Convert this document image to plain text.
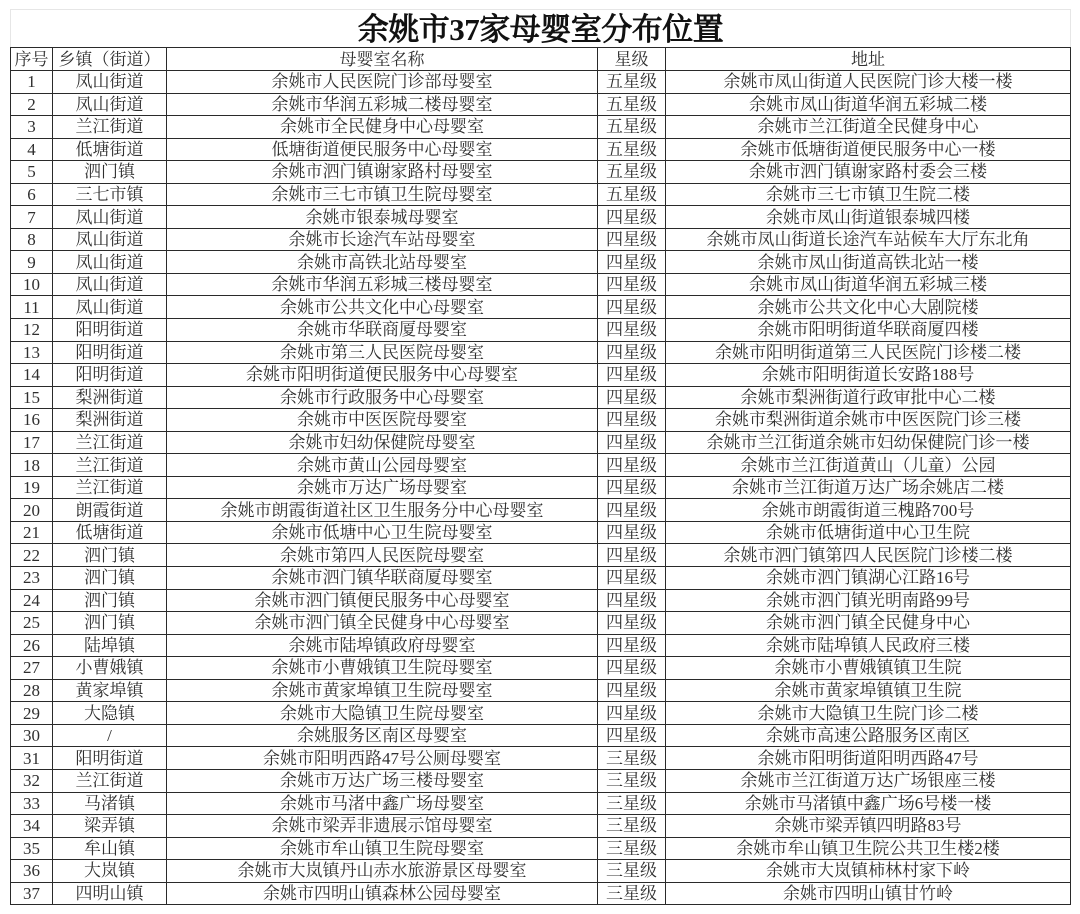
余姚市37家母婴室分布位置
序号	乡镇（街道）	母婴室名称	星级	地址
1	凤山街道	余姚市人民医院门诊部母婴室	五星级	余姚市凤山街道人民医院门诊大楼一楼
2	凤山街道	余姚市华润五彩城二楼母婴室	五星级	余姚市凤山街道华润五彩城二楼
3	兰江街道	余姚市全民健身中心母婴室	五星级	余姚市兰江街道全民健身中心
4	低塘街道	低塘街道便民服务中心母婴室	五星级	余姚市低塘街道便民服务中心一楼
5	泗门镇	余姚市泗门镇谢家路村母婴室	五星级	余姚市泗门镇谢家路村委会三楼
6	三七市镇	余姚市三七市镇卫生院母婴室	五星级	余姚市三七市镇卫生院二楼
7	凤山街道	余姚市银泰城母婴室	四星级	余姚市凤山街道银泰城四楼
8	凤山街道	余姚市长途汽车站母婴室	四星级	余姚市凤山街道长途汽车站候车大厅东北角
9	凤山街道	余姚市高铁北站母婴室	四星级	余姚市凤山街道高铁北站一楼
10	凤山街道	余姚市华润五彩城三楼母婴室	四星级	余姚市凤山街道华润五彩城三楼
11	凤山街道	余姚市公共文化中心母婴室	四星级	余姚市公共文化中心大剧院楼
12	阳明街道	余姚市华联商厦母婴室	四星级	余姚市阳明街道华联商厦四楼
13	阳明街道	余姚市第三人民医院母婴室	四星级	余姚市阳明街道第三人民医院门诊楼二楼
14	阳明街道	余姚市阳明街道便民服务中心母婴室	四星级	余姚市阳明街道长安路188号
15	梨洲街道	余姚市行政服务中心母婴室	四星级	余姚市梨洲街道行政审批中心二楼
16	梨洲街道	余姚市中医医院母婴室	四星级	余姚市梨洲街道余姚市中医医院门诊三楼
17	兰江街道	余姚市妇幼保健院母婴室	四星级	余姚市兰江街道余姚市妇幼保健院门诊一楼
18	兰江街道	余姚市黄山公园母婴室	四星级	余姚市兰江街道黄山（儿童）公园
19	兰江街道	余姚市万达广场母婴室	四星级	余姚市兰江街道万达广场余姚店二楼
20	朗霞街道	余姚市朗霞街道社区卫生服务分中心母婴室	四星级	余姚市朗霞街道三槐路700号
21	低塘街道	余姚市低塘中心卫生院母婴室	四星级	余姚市低塘街道中心卫生院
22	泗门镇	余姚市第四人民医院母婴室	四星级	余姚市泗门镇第四人民医院门诊楼二楼
23	泗门镇	余姚市泗门镇华联商厦母婴室	四星级	余姚市泗门镇湖心江路16号
24	泗门镇	余姚市泗门镇便民服务中心母婴室	四星级	余姚市泗门镇光明南路99号
25	泗门镇	余姚市泗门镇全民健身中心母婴室	四星级	余姚市泗门镇全民健身中心
26	陆埠镇	余姚市陆埠镇政府母婴室	四星级	余姚市陆埠镇人民政府三楼
27	小曹娥镇	余姚市小曹娥镇卫生院母婴室	四星级	余姚市小曹娥镇镇卫生院
28	黄家埠镇	余姚市黄家埠镇卫生院母婴室	四星级	余姚市黄家埠镇镇卫生院
29	大隐镇	余姚市大隐镇卫生院母婴室	四星级	余姚市大隐镇卫生院门诊二楼
30	/	余姚服务区南区母婴室	四星级	余姚市高速公路服务区南区
31	阳明街道	余姚市阳明西路47号公厕母婴室	三星级	余姚市阳明街道阳明西路47号
32	兰江街道	余姚市万达广场三楼母婴室	三星级	余姚市兰江街道万达广场银座三楼
33	马渚镇	余姚市马渚中鑫广场母婴室	三星级	余姚市马渚镇中鑫广场6号楼一楼
34	梁弄镇	余姚市梁弄非遗展示馆母婴室	三星级	余姚市梁弄镇四明路83号
35	牟山镇	余姚市牟山镇卫生院母婴室	三星级	余姚市牟山镇卫生院公共卫生楼2楼
36	大岚镇	余姚市大岚镇丹山赤水旅游景区母婴室	三星级	余姚市大岚镇柿林村家下岭
37	四明山镇	余姚市四明山镇森林公园母婴室	三星级	余姚市四明山镇甘竹岭
